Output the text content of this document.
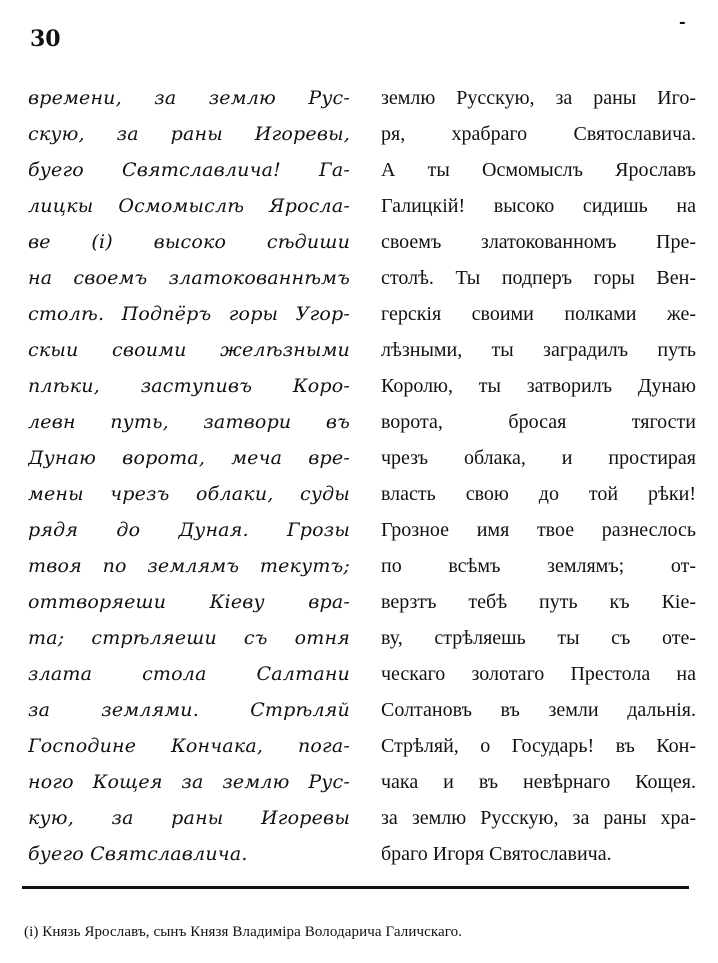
30
-
времени, за землю Рус-
скую, за раны Игоревы,
буего Святславлича! Га-
лицкы Осмомыслѣ Яросла-
ве (і) высоко сѣдиши
на своемъ златокованнѣмъ
столѣ. Подпёръ горы Угор-
скыи своими желѣзными
плѣки, заступивъ Коро-
левн путь, затвори въ
Дунаю ворота, меча вре-
мены чрезъ облаки, суды
рядя до Дуная. Грозы
твоя по землямъ текутъ;
оттворяеши Кіеву вра-
та; стрѣляеши съ отня
злата стола Салтани
за землями. Стрѣляй
Господине Кончака, пога-
ного Кощея за землю Рус-
кую, за раны Игоревы
буего Святславлича.
землю Русскую, за раны Иго-
ря, храбраго Святославича.
А ты Осмомыслъ Ярославъ
Галицкій! высоко сидишь на
своемъ златокованномъ Пре-
столѣ. Ты подперъ горы Вен-
герскія своими полками же-
лѣзными, ты заградилъ путь
Королю, ты затворилъ Дунаю
ворота, бросая тягости
чрезъ облака, и простирая
власть свою до той рѣки!
Грозное имя твое разнеслось
по всѣмъ землямъ; от-
верзтъ тебѣ путь къ Кіе-
ву, стрѣляешь ты съ оте-
ческаго золотаго Престола на
Солтановъ въ земли дальнія.
Стрѣляй, о Государь! въ Кон-
чака и въ невѣрнаго Кощея.
за землю Русскую, за раны хра-
браго Игоря Святославича.
(і) Князь Ярославъ, сынъ Князя Владиміра Володарича Галичскаго.
